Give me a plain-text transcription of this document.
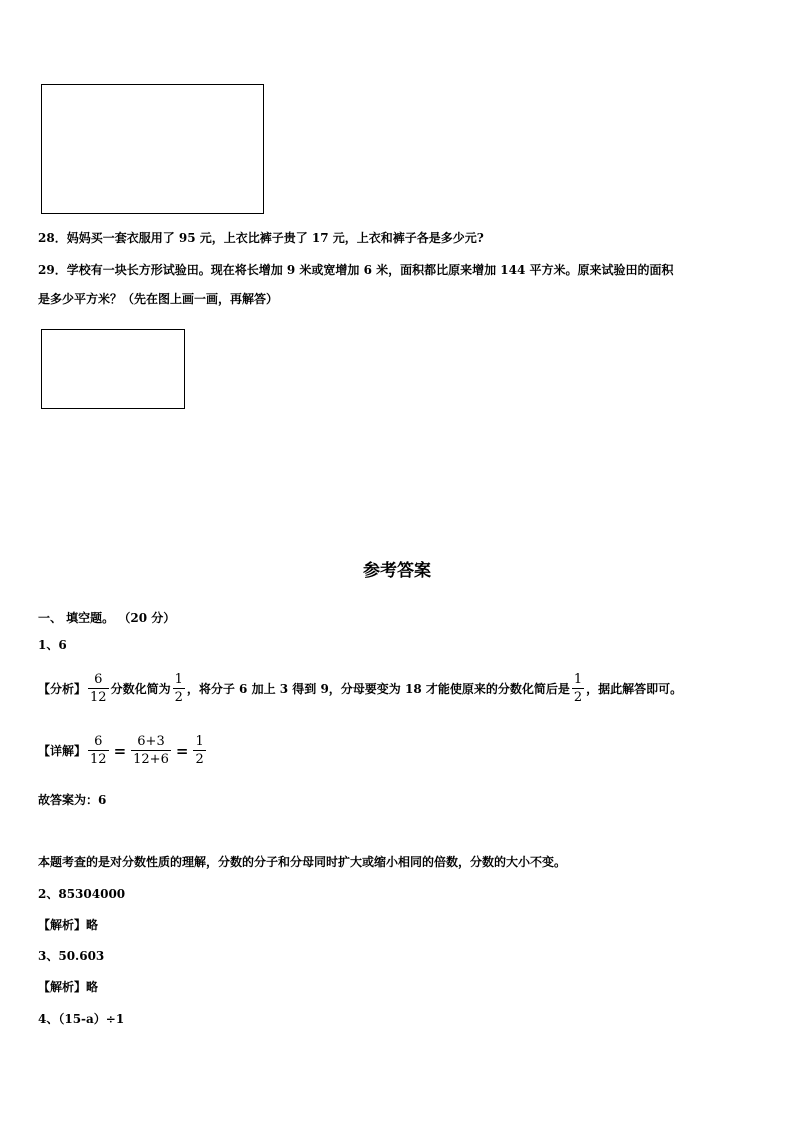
28．妈妈买一套衣服用了 95 元，上衣比裤子贵了 17 元，上衣和裤子各是多少元?
29．学校有一块长方形试验田。现在将长增加 9 米或宽增加 6 米，面积都比原来增加 144 平方米。原来试验田的面积
是多少平方米？（先在图上画一画，再解答）
参考答案
一、 填空题。 （20 分）
1、6
【分析】 $\frac{6}{12}$ 分数化简为 $\frac{1}{2}$ ，将分子 6 加上 3 得到 9，分母要变为 18 才能使原来的分数化简后是 $\frac{1}{2}$ ，据此解答即可。
【详解】 $\frac{6}{12} = \frac{6+3}{12+6} = \frac{1}{2}$
故答案为：6
本题考查的是对分数性质的理解，分数的分子和分母同时扩大或缩小相同的倍数，分数的大小不变。
2、85304000
【解析】略
3、50.603
【解析】略
4、（15-a）÷1
